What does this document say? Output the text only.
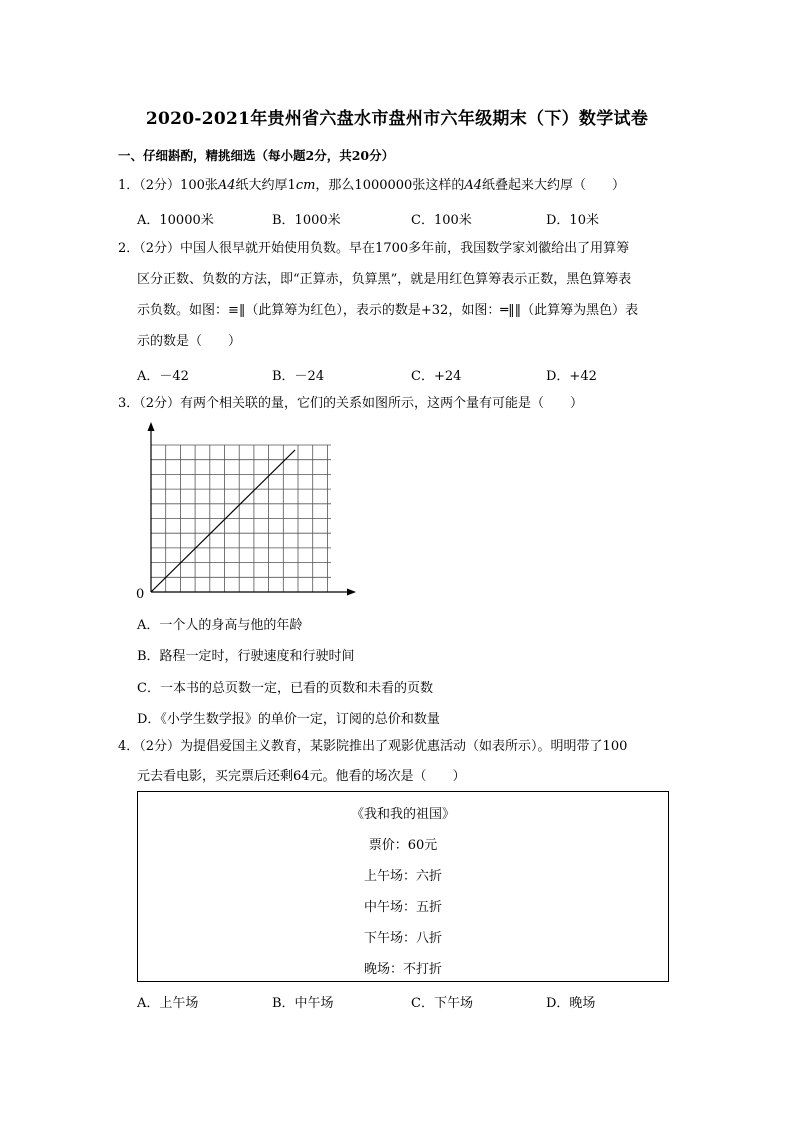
2020-2021年贵州省六盘水市盘州市六年级期末（下）数学试卷
一、仔细斟酌，精挑细选（每小题2分，共20分）
1．（2分）100张A4纸大约厚1cm，那么1000000张这样的A4纸叠起来大约厚（　　）
A．10000米	B．1000米	C．100米	D．10米
2．（2分）中国人很早就开始使用负数。早在1700多年前，我国数学家刘徽给出了用算筹
区分正数、负数的方法，即“正算赤，负算黑”，就是用红色算筹表示正数，黑色算筹表
示负数。如图：≡‖（此算筹为红色），表示的数是+32，如图：═‖‖（此算筹为黑色）表
示的数是（　　）
A．－42	B．－24	C．+24	D．+42
3．（2分）有两个相关联的量，它们的关系如图所示，这两个量有可能是（　　）
0
A．一个人的身高与他的年龄
B．路程一定时，行驶速度和行驶时间
C．一本书的总页数一定，已看的页数和未看的页数
D．《小学生数学报》的单价一定，订阅的总价和数量
4．（2分）为提倡爱国主义教育，某影院推出了观影优惠活动（如表所示）。明明带了100
元去看电影，买完票后还剩64元。他看的场次是（　　）
《我和我的祖国》
票价：60元
上午场：六折
中午场：五折
下午场：八折
晚场：不打折
A．上午场	B．中午场	C．下午场	D．晚场
